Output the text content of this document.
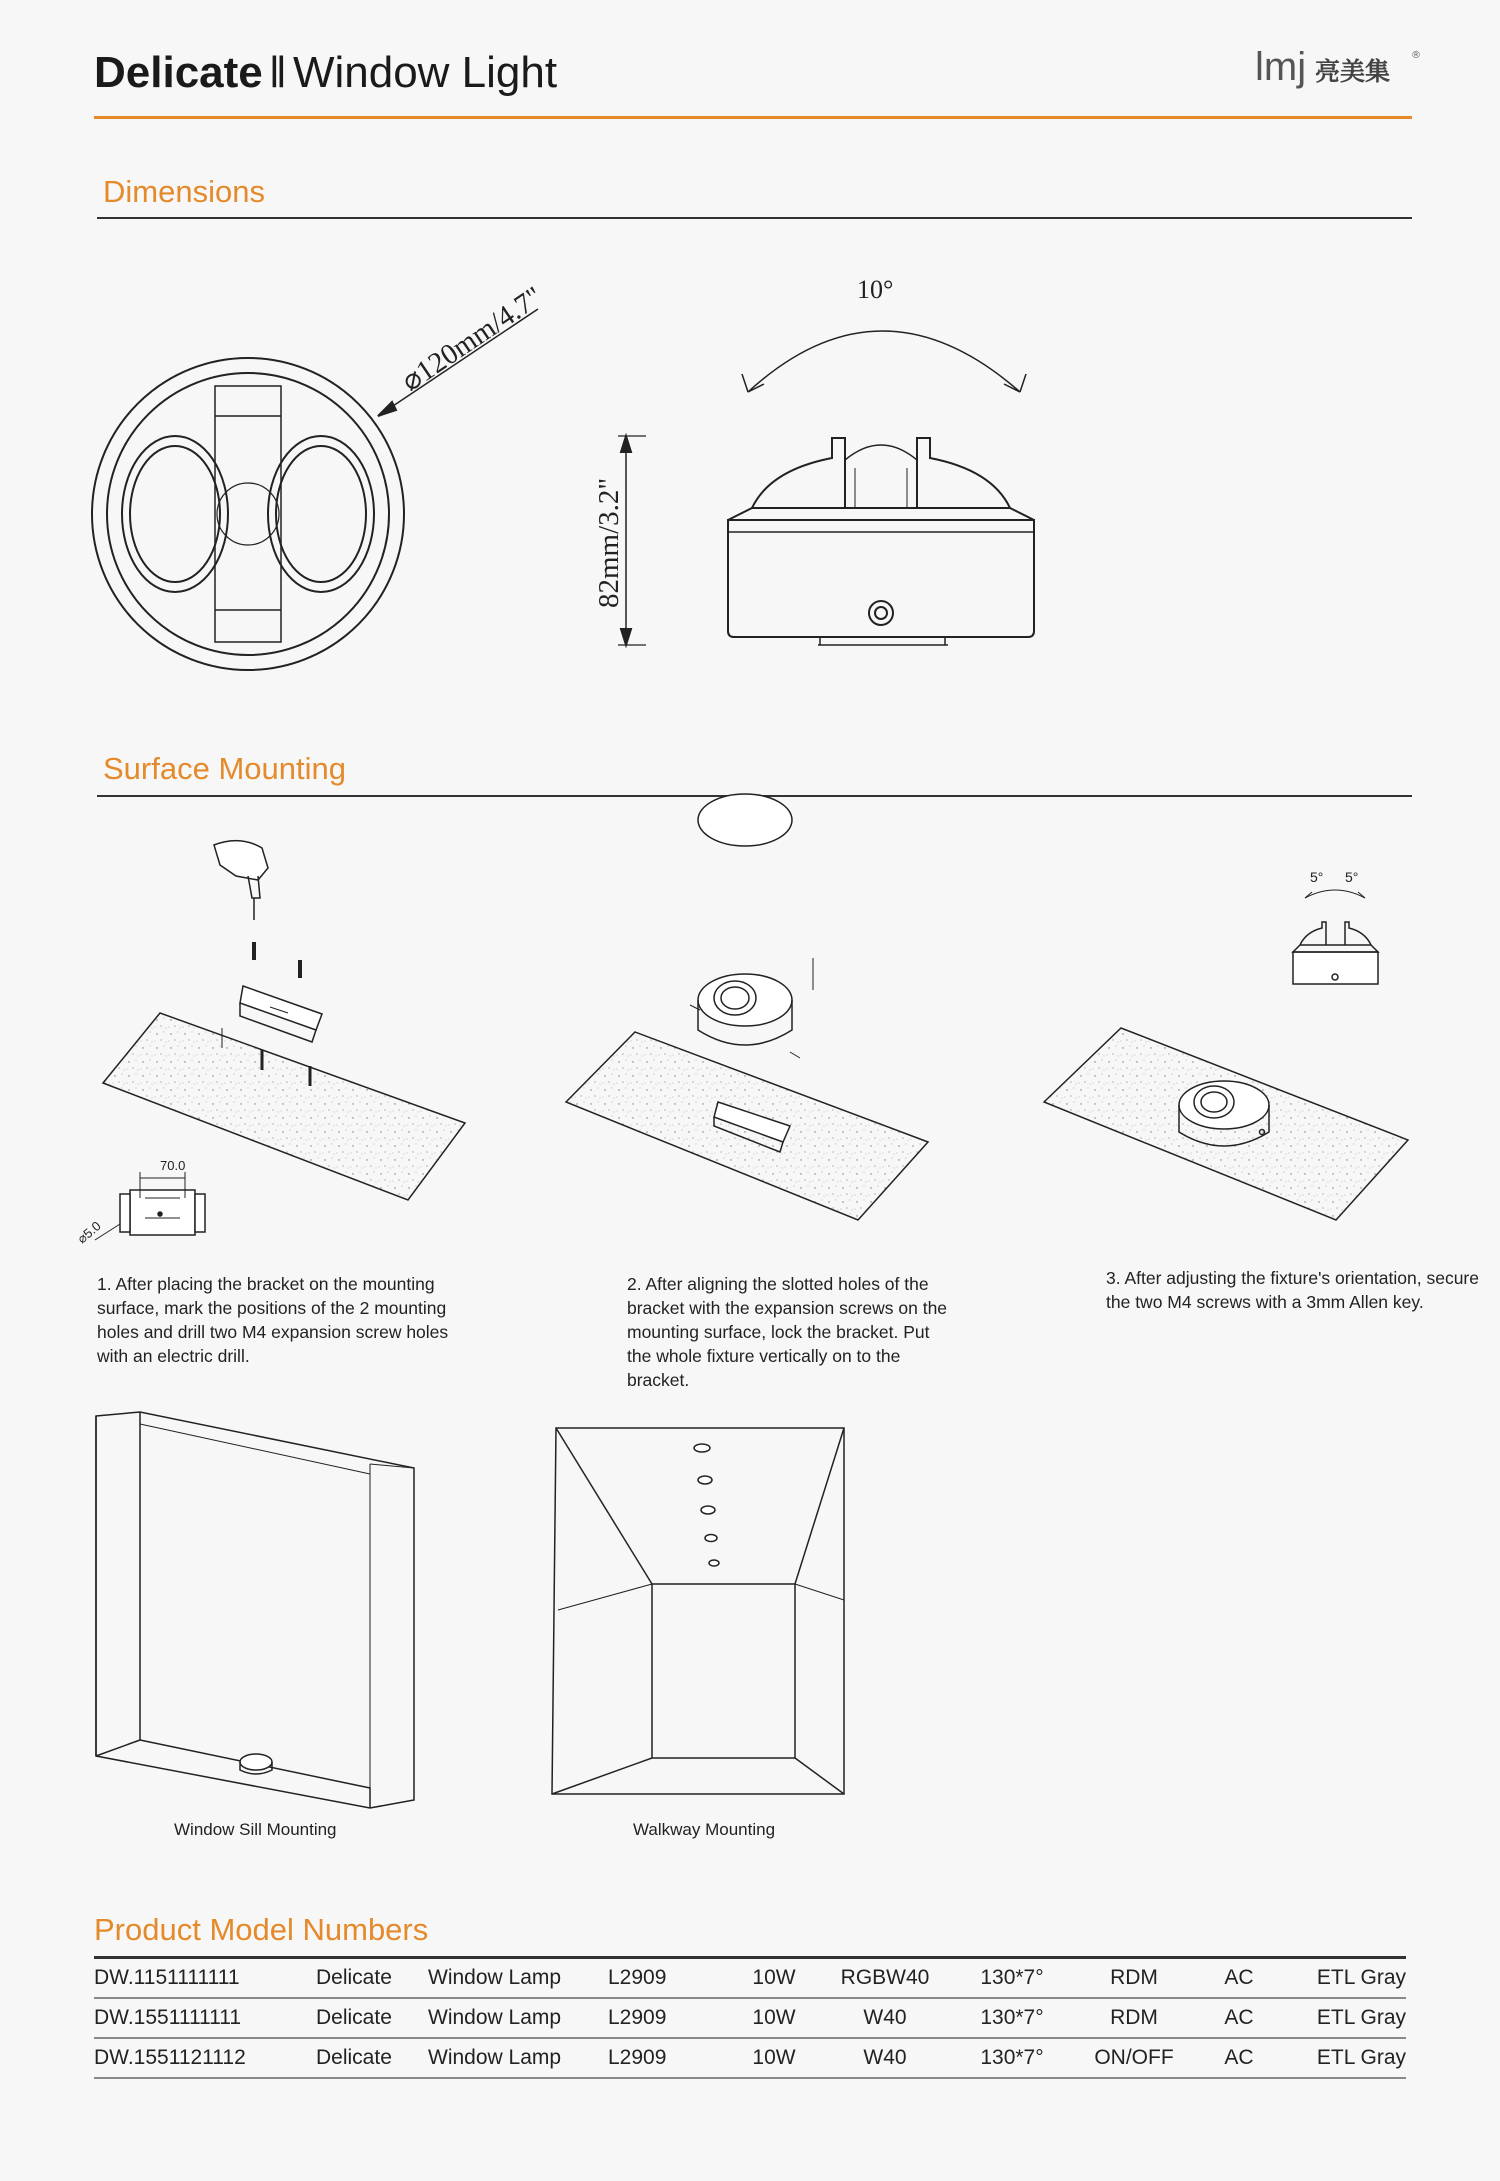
Delicate ‖ Window Light	lmj 亮美集
®
Dimensions
10°
⌀120mm/4.7"
82mm/3.2"
Surface Mounting
70.0
⌀5.0
5° 5°
1. After placing the bracket on the mounting surface, mark the positions of the 2 mounting holes and drill two M4 expansion screw holes with an electric drill.
2. After aligning the slotted holes of the bracket with the expansion screws on the mounting surface, lock the bracket. Put the whole fixture vertically on to the bracket.
3. After adjusting the fixture's orientation, secure the two M4 screws with a 3mm Allen key.
Window Sill Mounting	Walkway Mounting
Product Model Numbers
DW.1151111111	Delicate	Window Lamp	L2909	10W	RGBW40	130*7°	RDM	AC	ETL Gray
DW.1551111111	Delicate	Window Lamp	L2909	10W	W40	130*7°	RDM	AC	ETL Gray
DW.1551121112	Delicate	Window Lamp	L2909	10W	W40	130*7°	ON/OFF	AC	ETL Gray
